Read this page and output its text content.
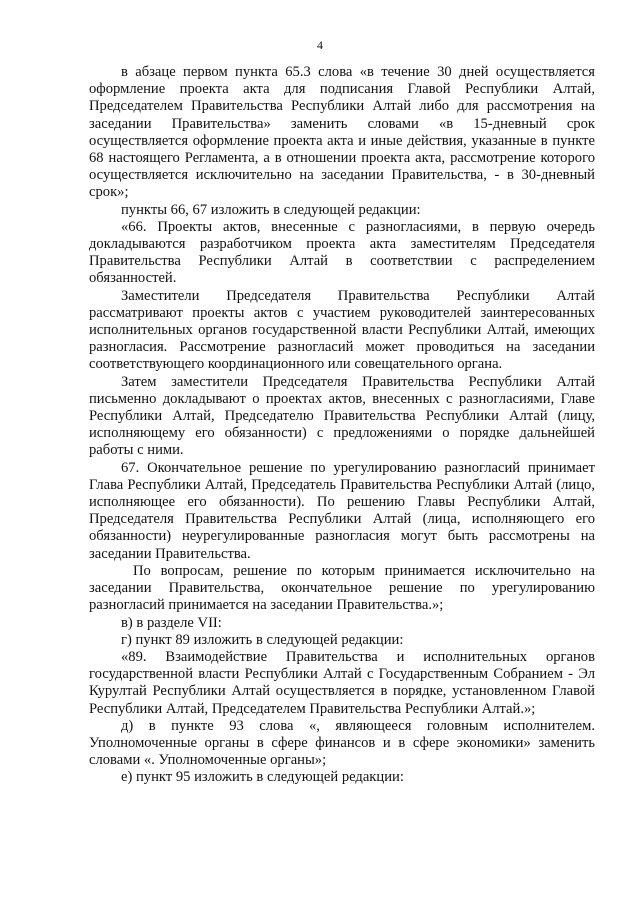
4

в абзаце первом пункта 65.3 слова «в течение 30 дней осуществляется оформление проекта акта для подписания Главой Республики Алтай, Председателем Правительства Республики Алтай либо для рассмотрения на заседании Правительства» заменить словами «в 15-дневный срок осуществляется оформление проекта акта и иные действия, указанные в пункте 68 настоящего Регламента, а в отношении проекта акта, рассмотрение которого осуществляется исключительно на заседании Правительства, - в 30-дневный срок»;

пункты 66, 67 изложить в следующей редакции:

«66. Проекты актов, внесенные с разногласиями, в первую очередь докладываются разработчиком проекта акта заместителям Председателя Правительства Республики Алтай в соответствии с распределением обязанностей.

Заместители Председателя Правительства Республики Алтай рассматривают проекты актов с участием руководителей заинтересованных исполнительных органов государственной власти Республики Алтай, имеющих разногласия. Рассмотрение разногласий может проводиться на заседании соответствующего координационного или совещательного органа.

Затем заместители Председателя Правительства Республики Алтай письменно докладывают о проектах актов, внесенных с разногласиями, Главе Республики Алтай, Председателю Правительства Республики Алтай (лицу, исполняющему его обязанности) с предложениями о порядке дальнейшей работы с ними.

67. Окончательное решение по урегулированию разногласий принимает Глава Республики Алтай, Председатель Правительства Республики Алтай (лицо, исполняющее его обязанности). По решению Главы Республики Алтай, Председателя Правительства Республики Алтай (лица, исполняющего его обязанности) неурегулированные разногласия могут быть рассмотрены на заседании Правительства.

По вопросам, решение по которым принимается исключительно на заседании Правительства, окончательное решение по урегулированию разногласий принимается на заседании Правительства.»;

в) в разделе VII:

г) пункт 89 изложить в следующей редакции:

«89. Взаимодействие Правительства и исполнительных органов государственной власти Республики Алтай с Государственным Собранием - Эл Курултай Республики Алтай осуществляется в порядке, установленном Главой Республики Алтай, Председателем Правительства Республики Алтай.»;

д) в пункте 93 слова «, являющееся головным исполнителем. Уполномоченные органы в сфере финансов и в сфере экономики» заменить словами «. Уполномоченные органы»;

е) пункт 95 изложить в следующей редакции:
